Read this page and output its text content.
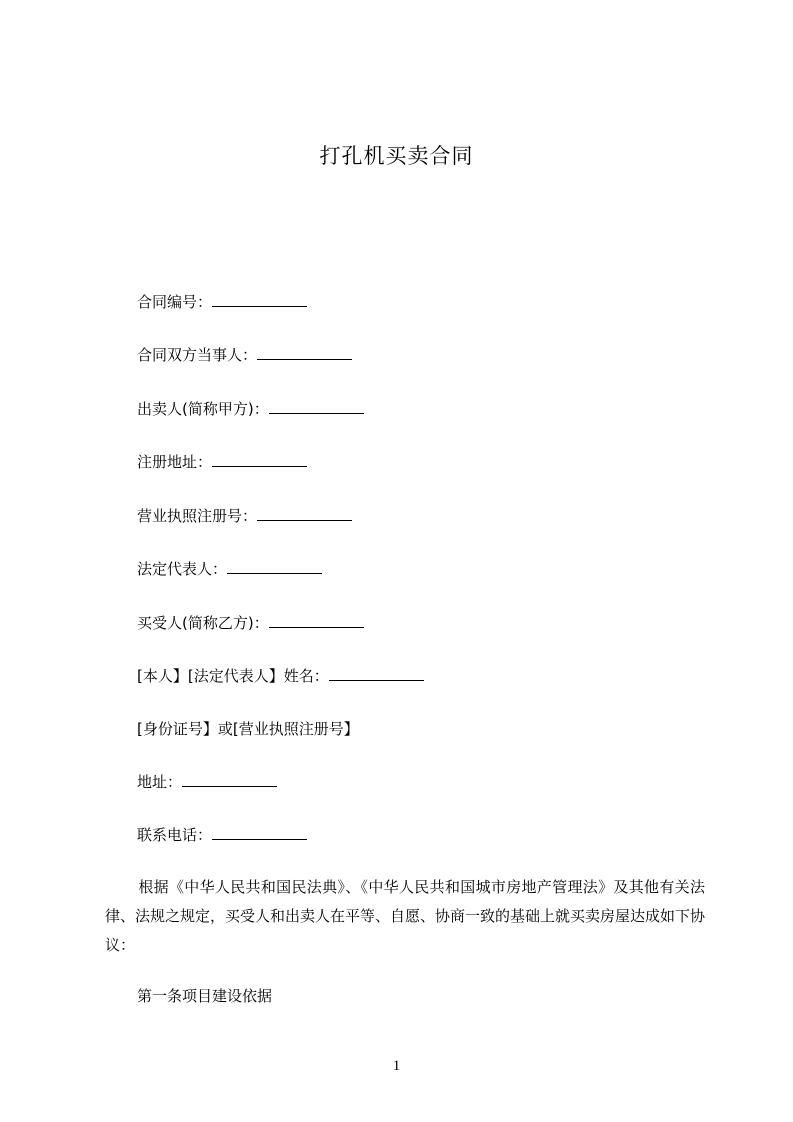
打孔机买卖合同
合同编号：
合同双方当事人：
出卖人(简称甲方)：
注册地址：
营业执照注册号：
法定代表人：
买受人(简称乙方)：
[本人】[法定代表人】姓名：
[身份证号】或[营业执照注册号】
地址：
联系电话：
根据《中华人民共和国民法典》、《中华人民共和国城市房地产管理法》及其他有关法律、法规之规定，买受人和出卖人在平等、自愿、协商一致的基础上就买卖房屋达成如下协议：
第一条项目建设依据
1
